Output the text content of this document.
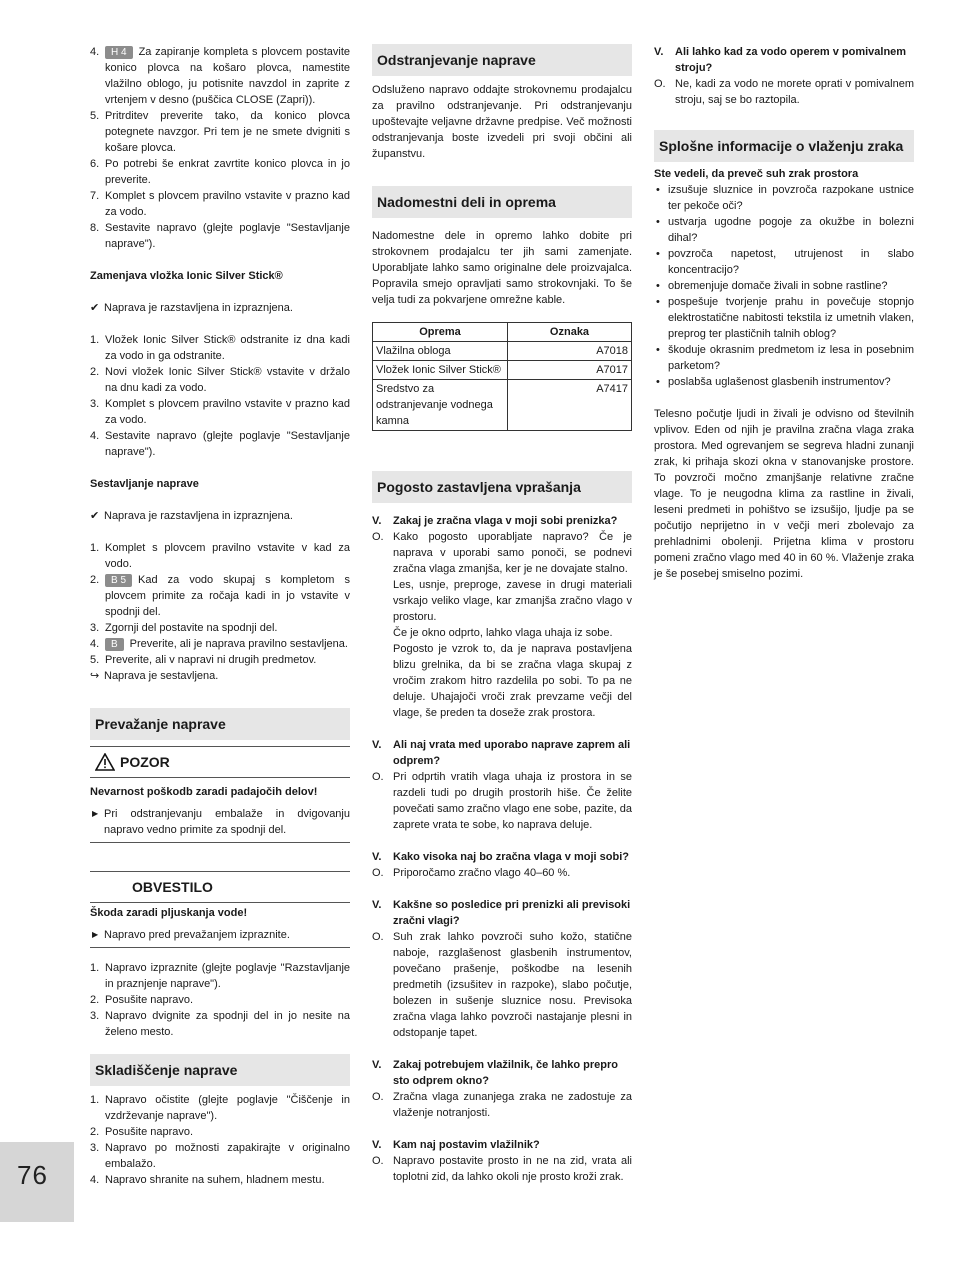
4. H 4 Za zapiranje kompleta s plovcem postavite konico plovca na košaro plovca, namestite vlažilno oblogo, ju potisnite navzdol in zaprite z vrtenjem v desno (puščica CLOSE (Zapri)).
5. Pritrditev preverite tako, da konico plovca potegnete navzgor. Pri tem je ne smete dvigniti s košare plovca.
6. Po potrebi še enkrat zavrtite konico plovca in jo preverite.
7. Komplet s plovcem pravilno vstavite v prazno kad za vodo.
8. Sestavite napravo (glejte poglavje "Sestavljanje naprave").
Zamenjava vložka Ionic Silver Stick®
✔ Naprava je razstavljena in izpraznjena.
1. Vložek Ionic Silver Stick® odstranite iz dna kadi za vodo in ga odstranite.
2. Novi vložek Ionic Silver Stick® vstavite v držalo na dnu kadi za vodo.
3. Komplet s plovcem pravilno vstavite v prazno kad za vodo.
4. Sestavite napravo (glejte poglavje "Sestavljanje naprave").
Sestavljanje naprave
✔ Naprava je razstavljena in izpraznjena.
1. Komplet s plovcem pravilno vstavite v kad za vodo.
2. B 5 Kad za vodo skupaj s kompletom s plovcem primite za ročaja kadi in jo vstavite v spodnji del.
3. Zgornji del postavite na spodnji del.
4. B Preverite, ali je naprava pravilno sestavljena.
5. Preverite, ali v napravi ni drugih predmetov.
↪ Naprava je sestavljena.
Prevažanje naprave
POZOR
Nevarnost poškodb zaradi padajočih delov!
▶ Pri odstranjevanju embalaže in dvigovanju napravo vedno primite za spodnji del.
OBVESTILO
Škoda zaradi pljuskanja vode!
▶ Napravo pred prevažanjem izpraznite.
1. Napravo izpraznite (glejte poglavje "Razstavljanje in praznjenje naprave").
2. Posušite napravo.
3. Napravo dvignite za spodnji del in jo nesite na želeno mesto.
Skladiščenje naprave
1. Napravo očistite (glejte poglavje "Čiščenje in vzdrževanje naprave").
2. Posušite napravo.
3. Napravo po možnosti zapakirajte v originalno embalažo.
4. Napravo shranite na suhem, hladnem mestu.
Odstranjevanje naprave

Odsluženo napravo oddajte strokovnemu prodajalcu za pravilno odstranjevanje. Pri odstranjevanju upoštevajte veljavne državne predpise. Več možnosti odstranjevanja boste izvedeli pri svoji občini ali županstvu.

Nadomestni deli in oprema

Nadomestne dele in opremo lahko dobite pri strokovnem prodajalcu ter jih sami zamenjate. Uporabljate lahko samo originalne dele proizvajalca. Popravila smejo opravljati samo strokovnjaki. To še velja tudi za pokvarjene omrežne kable.

Oprema	Oznaka
Vlažilna obloga	A7018
Vložek Ionic Silver Stick®	A7017
Sredstvo za odstranjevanje vodnega kamna	A7417
Pogosto zastavljena vprašanja
V. Zakaj je zračna vlaga v moji sobi prenizka?
O. Kako pogosto uporabljate napravo? Če je naprava v uporabi samo ponoči, se podnevi zračna vlaga zmanjša, ker je ne dovajate stalno.

Les, usnje, preproge, zavese in drugi materiali vsrkajo veliko vlage, kar zmanjša zračno vlago v prostoru.

Če je okno odprto, lahko vlaga uhaja iz sobe.

Pogosto je vzrok to, da je naprava postavljena blizu grelnika, da bi se zračna vlaga skupaj z vročim zrakom hitro razdelila po sobi. To pa ne deluje. Uhajajoči vroči zrak prevzame večji del vlage, še preden ta doseže zrak prostora.

V. Ali naj vrata med uporabo naprave zaprem ali odprem?
O. Pri odprtih vratih vlaga uhaja iz prostora in se razdeli tudi po drugih prostorih hiše. Če želite povečati samo zračno vlago ene sobe, pazite, da zaprete vrata te sobe, ko naprava deluje.

V. Kako visoka naj bo zračna vlaga v moji sobi?
O. Priporočamo zračno vlago 40–60 %.

V. Kakšne so posledice pri prenizki ali previsoki zračni vlagi?
O. Suh zrak lahko povzroči suho kožo, statične naboje, razglašenost glasbenih instrumentov, povečano prašenje, poškodbe na lesenih predmetih (izsušitev in razpoke), slabo počutje, bolezen in sušenje sluznice nosu. Previsoka zračna vlaga lahko povzroči nastajanje plesni in odstopanje tapet.

V. Zakaj potrebujem vlažilnik, če lahko prepro sto odprem okno?
O. Zračna vlaga zunanjega zraka ne zadostuje za vlaženje notranjosti.

V. Kam naj postavim vlažilnik?
O. Napravo postavite prosto in ne na zid, vrata ali toplotni zid, da lahko okoli nje prosto kroži zrak.

V. Ali lahko kad za vodo operem v pomivalnem stroju?
O. Ne, kadi za vodo ne morete oprati v pomivalnem stroju, saj se bo raztopila.

Splošne informacije o vlaženju zraka
Ste vedeli, da preveč suh zrak prostora
• izsušuje sluznice in povzroča razpokane ustnice ter pekoče oči?
• ustvarja ugodne pogoje za okužbe in bolezni dihal?
• povzroča napetost, utrujenost in slabo koncentracijo?
• obremenjuje domače živali in sobne rastline?
• pospešuje tvorjenje prahu in povečuje stopnjo elektrostatične nabitosti tekstila iz umetnih vlaken, preprog ter plastičnih talnih oblog?
• škoduje okrasnim predmetom iz lesa in posebnim parketom?
• poslabša uglašenost glasbenih instrumentov?

Telesno počutje ljudi in živali je odvisno od številnih vplivov. Eden od njih je pravilna zračna vlaga zraka prostora. Med ogrevanjem se segreva hladni zunanji zrak, ki prihaja skozi okna v stanovanjske prostore. To povzroči močno zmanjšanje relativne zračne vlage. To je neugodna klima za rastline in živali, leseni predmeti in pohištvo se izsušijo, ljudje pa se počutijo neprijetno in v večji meri zbolevajo za prehladnimi obolenji. Prijetna klima v prostoru pomeni zračno vlago med 40 in 60 %. Vlaženje zraka je še posebej smiselno pozimi.

76
